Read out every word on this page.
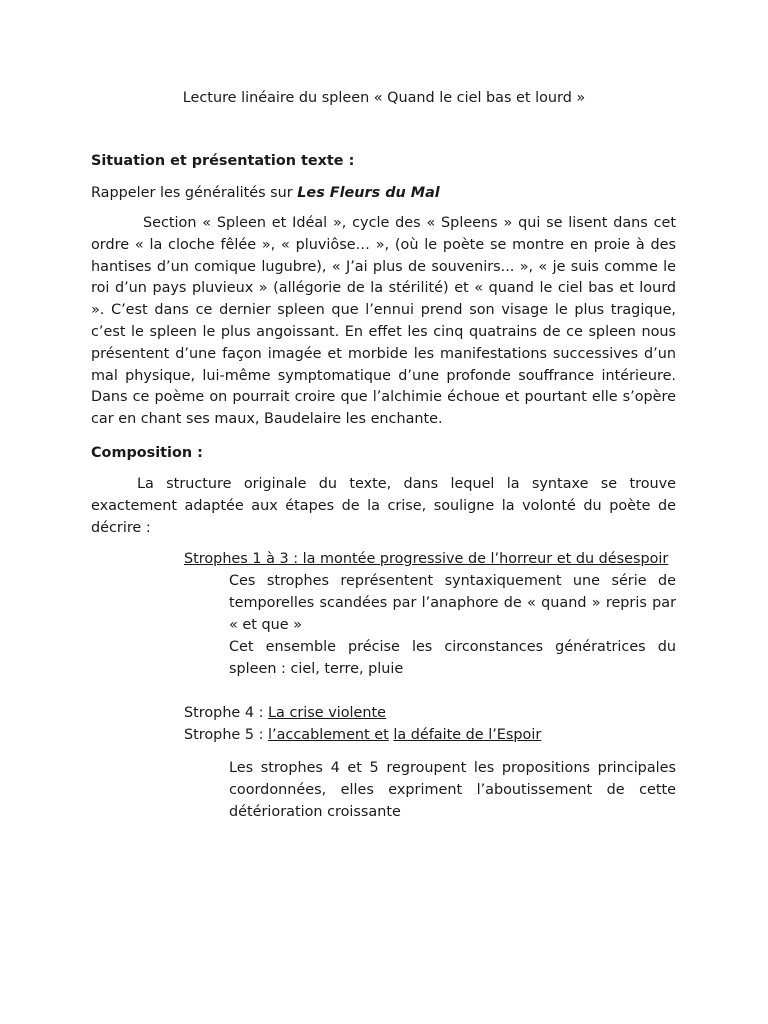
Lecture linéaire du spleen « Quand le ciel bas et lourd »
Situation et présentation texte :
Rappeler les généralités sur Les Fleurs du Mal
Section « Spleen et Idéal », cycle des « Spleens » qui se lisent dans cet ordre « la cloche fêlée », « pluviôse… », (où le poète se montre en proie à des hantises d’un comique lugubre), « J’ai plus de souvenirs... », « je suis comme le roi d’un pays pluvieux » (allégorie de la stérilité) et « quand le ciel bas et lourd ». C’est dans ce dernier spleen que l’ennui prend son visage le plus tragique, c’est le spleen le plus angoissant. En effet les cinq quatrains de ce spleen nous présentent d’une façon imagée et morbide les manifestations successives d’un mal physique, lui-même symptomatique d’une profonde souffrance intérieure. Dans ce poème on pourrait croire que l’alchimie échoue et pourtant elle s’opère car en chant ses maux, Baudelaire les enchante.
Composition :
La structure originale du texte, dans lequel la syntaxe se trouve exactement adaptée aux étapes de la crise, souligne la volonté du poète de décrire :
Strophes 1 à 3 : la montée progressive de l’horreur et du désespoir
Ces strophes représentent syntaxiquement une série de temporelles scandées par l’anaphore de « quand » repris par « et que »
Cet ensemble précise les circonstances génératrices du spleen : ciel, terre, pluie
Strophe 4 : La crise violente
Strophe 5 : l’accablement et la défaite de l’Espoir
Les strophes 4 et 5 regroupent les propositions principales coordonnées, elles expriment l’aboutissement de cette détérioration croissante
